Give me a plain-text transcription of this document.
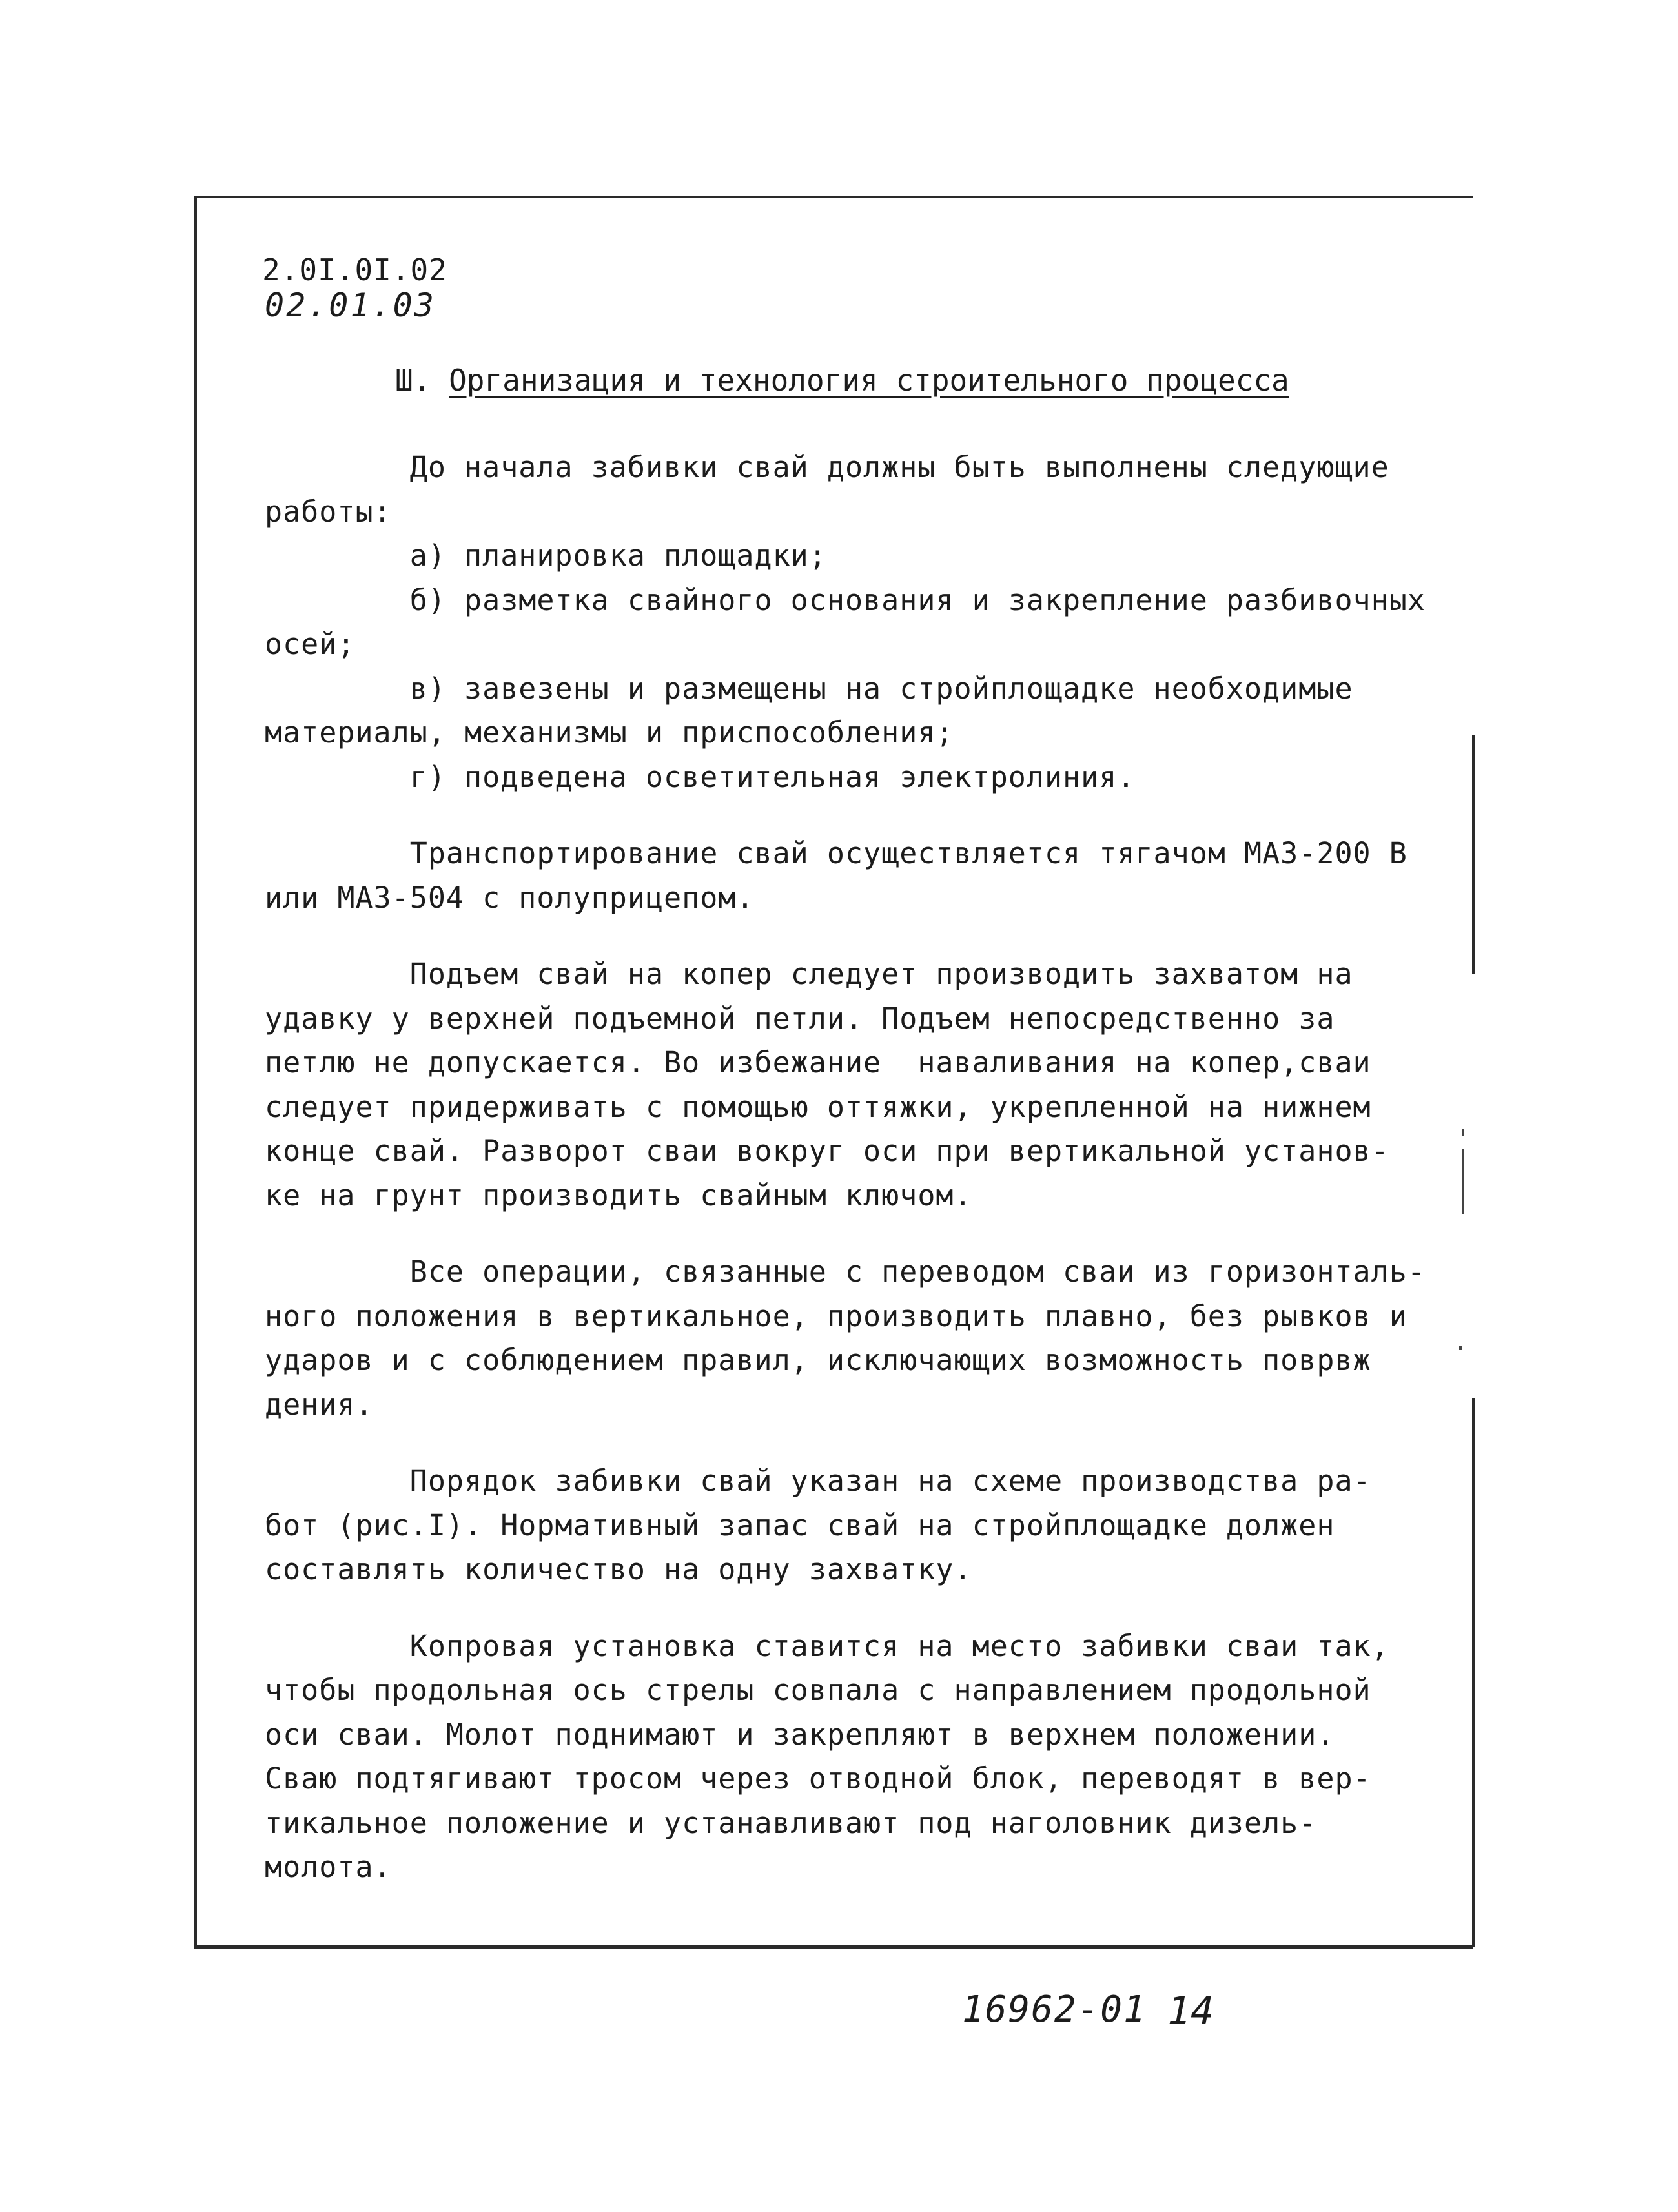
2.0I.0I.02
02.01.03
Ш. Организация и технология строительного процесса

До начала забивки свай должны быть выполнены следующие

работы:

а) планировка площадки;

б) разметка свайного основания и закрепление разбивочных

осей;

в) завезены и размещены на стройплощадке необходимые

материалы, механизмы и приспособления;

г) подведена осветительная электролиния.

Транспортирование свай осуществляется тягачом МАЗ-200 В

или МАЗ-504 с полуприцепом.

Подъем свай на копер следует производить захватом на

удавку у верхней подъемной петли. Подъем непосредственно за

петлю не допускается. Во избежание  наваливания на копер,сваи

следует придерживать с помощью оттяжки, укрепленной на нижнем

конце свай. Разворот сваи вокруг оси при вертикальной установ-

ке на грунт производить свайным ключом.

Все операции, связанные с переводом сваи из горизонталь-

ного положения в вертикальное, производить плавно, без рывков и

ударов и с соблюдением правил, исключающих возможность поврвж

дения.

Порядок забивки свай указан на схеме производства ра-

бот (рис.I). Нормативный запас свай на стройплощадке должен

составлять количество на одну захватку.

Копровая установка ставится на место забивки сваи так,

чтобы продольная ось стрелы совпала с направлением продольной

оси сваи. Молот поднимают и закрепляют в верхнем положении.

Сваю подтягивают тросом через отводной блок, переводят в вер-

тикальное положение и устанавливают под наголовник дизель-

молота.

16962-01 14
